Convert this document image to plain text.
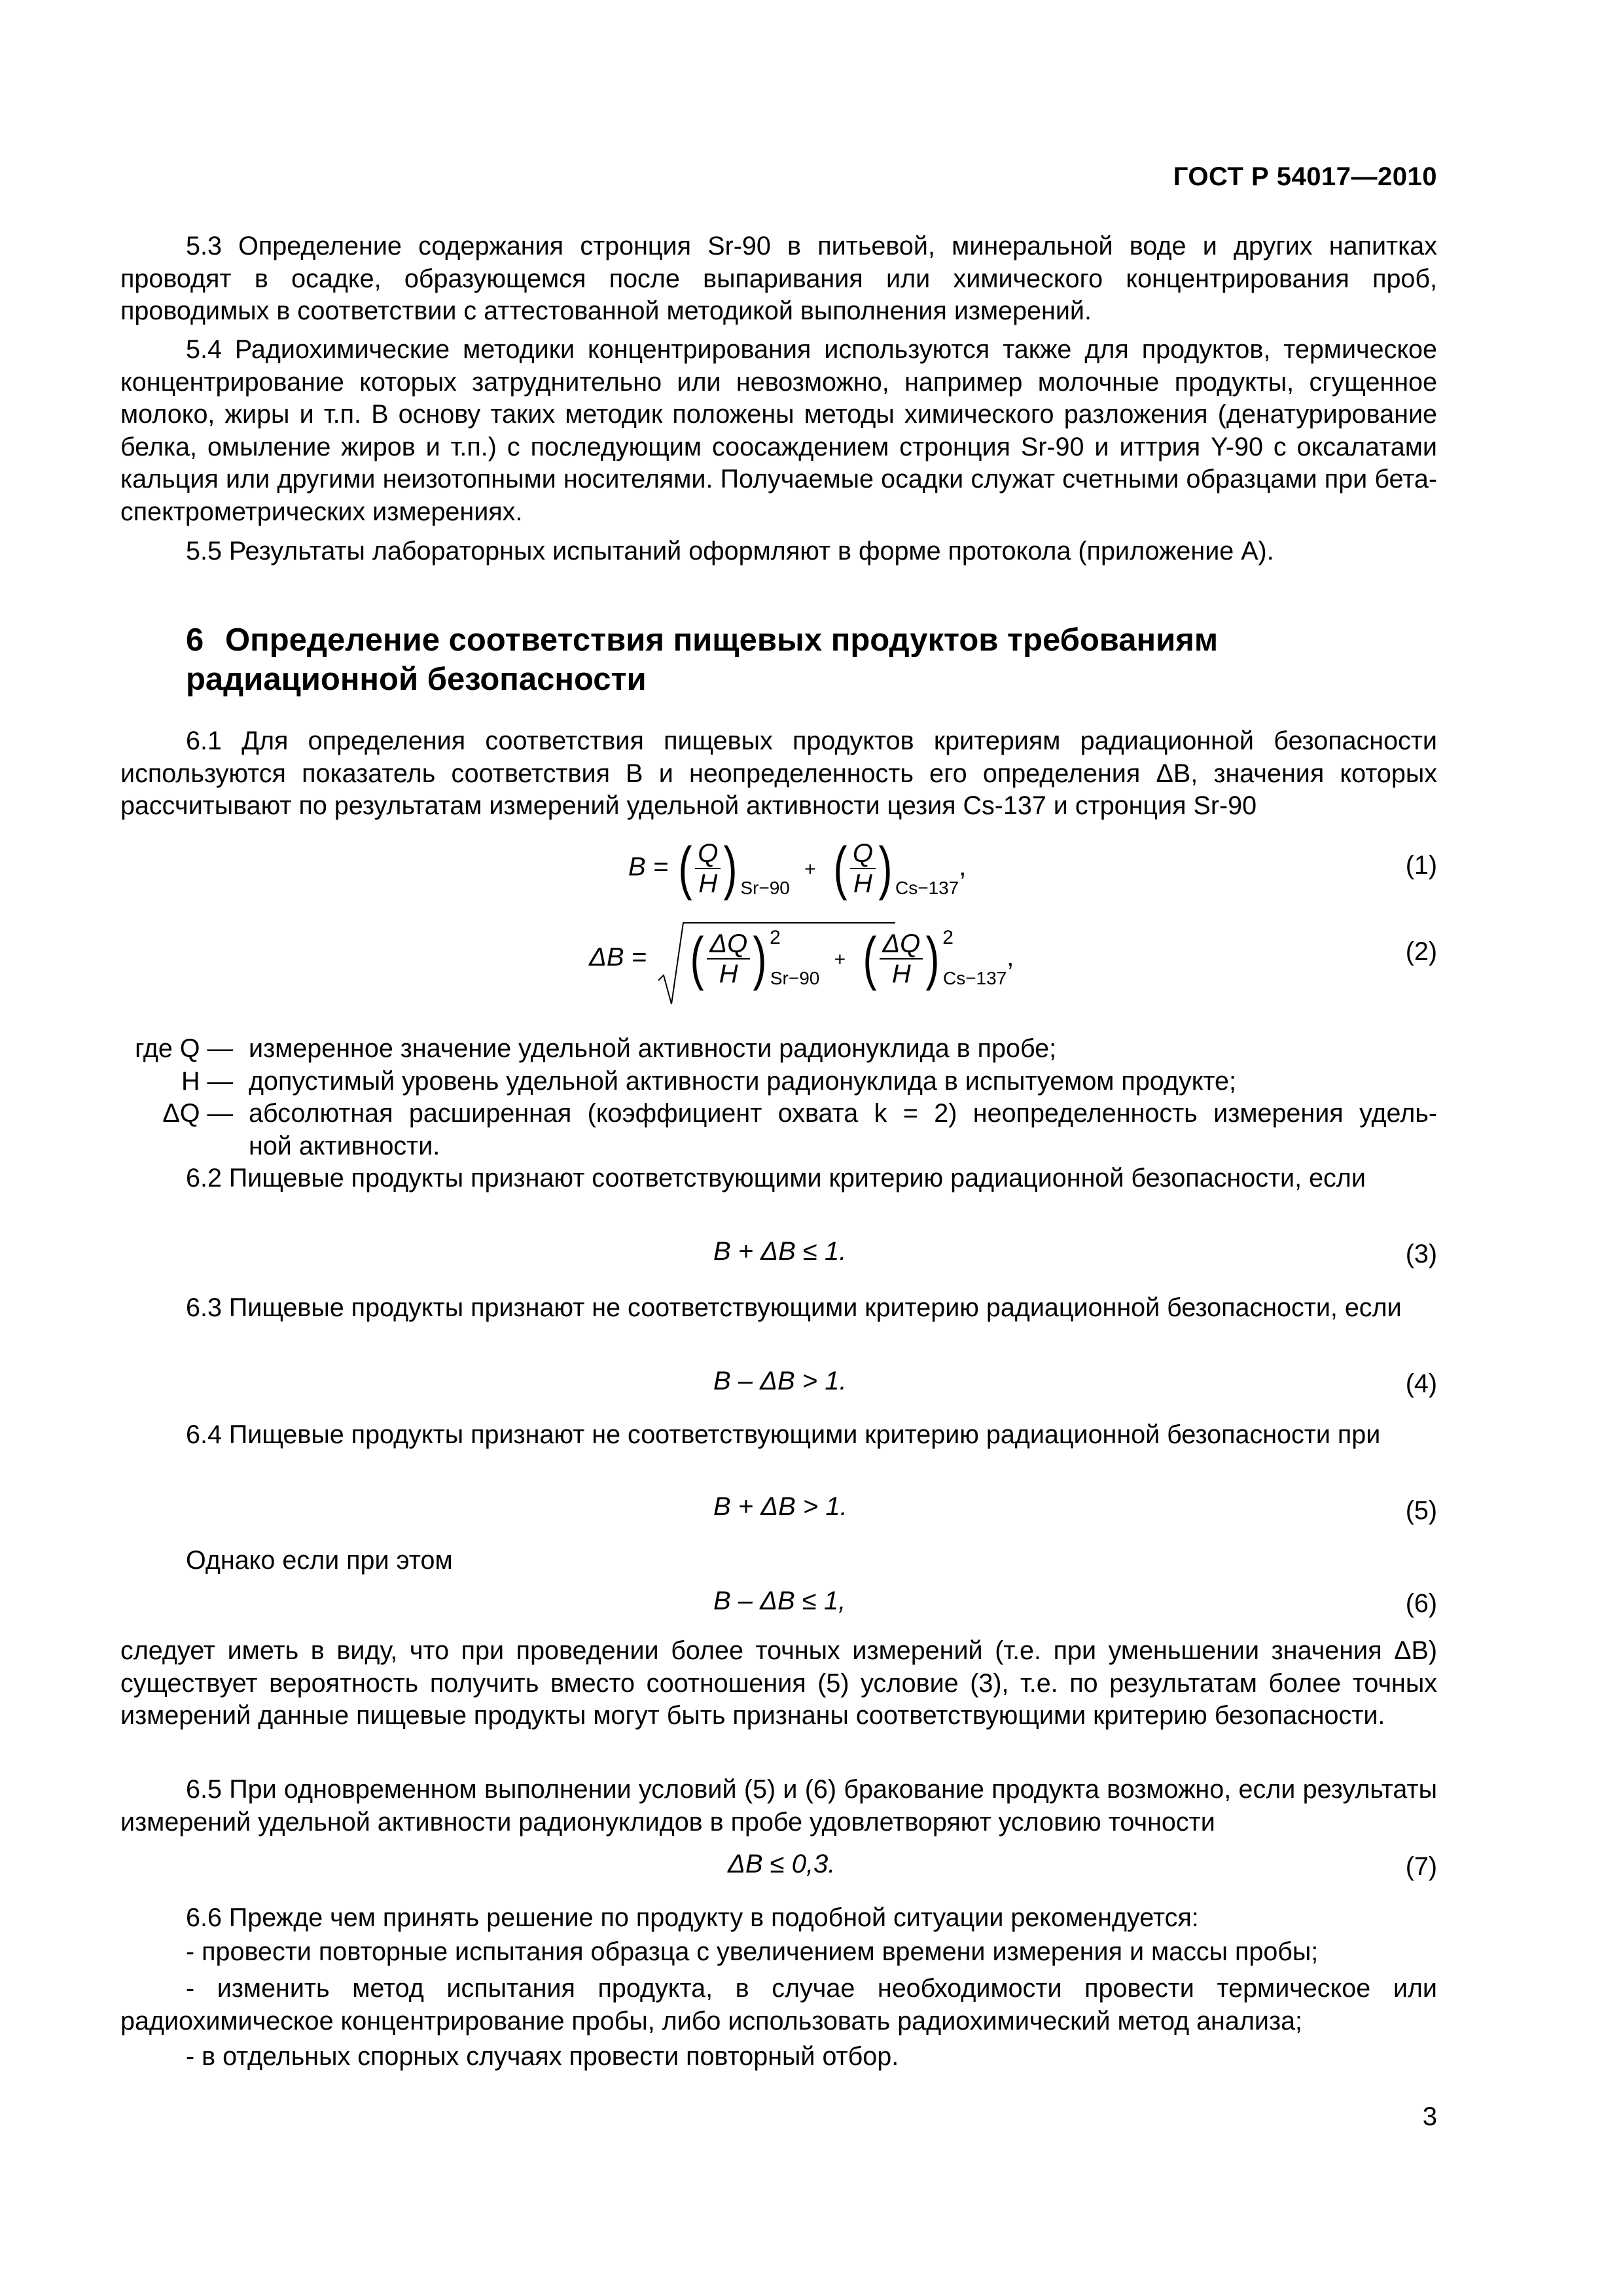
ГОСТ Р 54017—2010

5.3 Определение содержания стронция Sr-90 в питьевой, минеральной воде и других напитках проводят в осадке, образующемся после выпаривания или химического концентрирования проб, проводимых в соответствии с аттестованной методикой выполнения измерений.

5.4 Радиохимические методики концентрирования используются также для продуктов, термическое концентрирование которых затруднительно или невозможно, например молочные продукты, сгущенное молоко, жиры и т.п. В основу таких методик положены методы химического разложения (денатурирование белка, омыление жиров и т.п.) с последующим соосаждением стронция Sr-90 и иттрия Y-90 с оксалатами кальция или другими неизотопными носителями. Получаемые осадки служат счетными образцами при бета-спектрометрических измерениях.

5.5 Результаты лабораторных испытаний оформляют в форме протокола (приложение А).

6 Определение соответствия пищевых продуктов требованиям
радиационной безопасности

6.1 Для определения соответствия пищевых продуктов критериям радиационной безопасности используются показатель соответствия B и неопределенность его определения ΔB, значения которых рассчитывают по результатам измерений удельной активности цезия Cs-137 и стронция Sr-90

B = ( $\frac{Q}{H}$ ) $_{Sr-90}$  + ( $\frac{Q}{H}$ ) $_{Cs-137}$,	(1)
ΔB = ( $\frac{\Delta Q}{H}$ ) $^2_{Sr-90}$  + ( $\frac{\Delta Q}{H}$ ) $^2_{Cs-137}$,	(2)
где Q — измеренное значение удельной активности радионуклида в пробе;
H — допустимый уровень удельной активности радионуклида в испытуемом продукте;
ΔQ — абсолютная расширенная (коэффициент охвата k = 2) неопределенность измерения удель-
ной активности.

6.2 Пищевые продукты признают соответствующими критерию радиационной безопасности, если

B + ΔB ≤ 1.	(3)

6.3 Пищевые продукты признают не соответствующими критерию радиационной безопасности, если

B – ΔB > 1.	(4)

6.4 Пищевые продукты признают не соответствующими критерию радиационной безопасности при

B + ΔB > 1.	(5)

Однако если при этом

B – ΔB ≤ 1,	(6)

следует иметь в виду, что при проведении более точных измерений (т.е. при уменьшении значения ΔB) существует вероятность получить вместо соотношения (5) условие (3), т.е. по результатам более точных измерений данные пищевые продукты могут быть признаны соответствующими критерию безопасности.

6.5 При одновременном выполнении условий (5) и (6) бракование продукта возможно, если результаты измерений удельной активности радионуклидов в пробе удовлетворяют условию точности

ΔB ≤ 0,3.	(7)

6.6 Прежде чем принять решение по продукту в подобной ситуации рекомендуется:

- провести повторные испытания образца с увеличением времени измерения и массы пробы;

- изменить метод испытания продукта, в случае необходимости провести термическое или радиохимическое концентрирование пробы, либо использовать радиохимический метод анализа;

- в отдельных спорных случаях провести повторный отбор.

3
